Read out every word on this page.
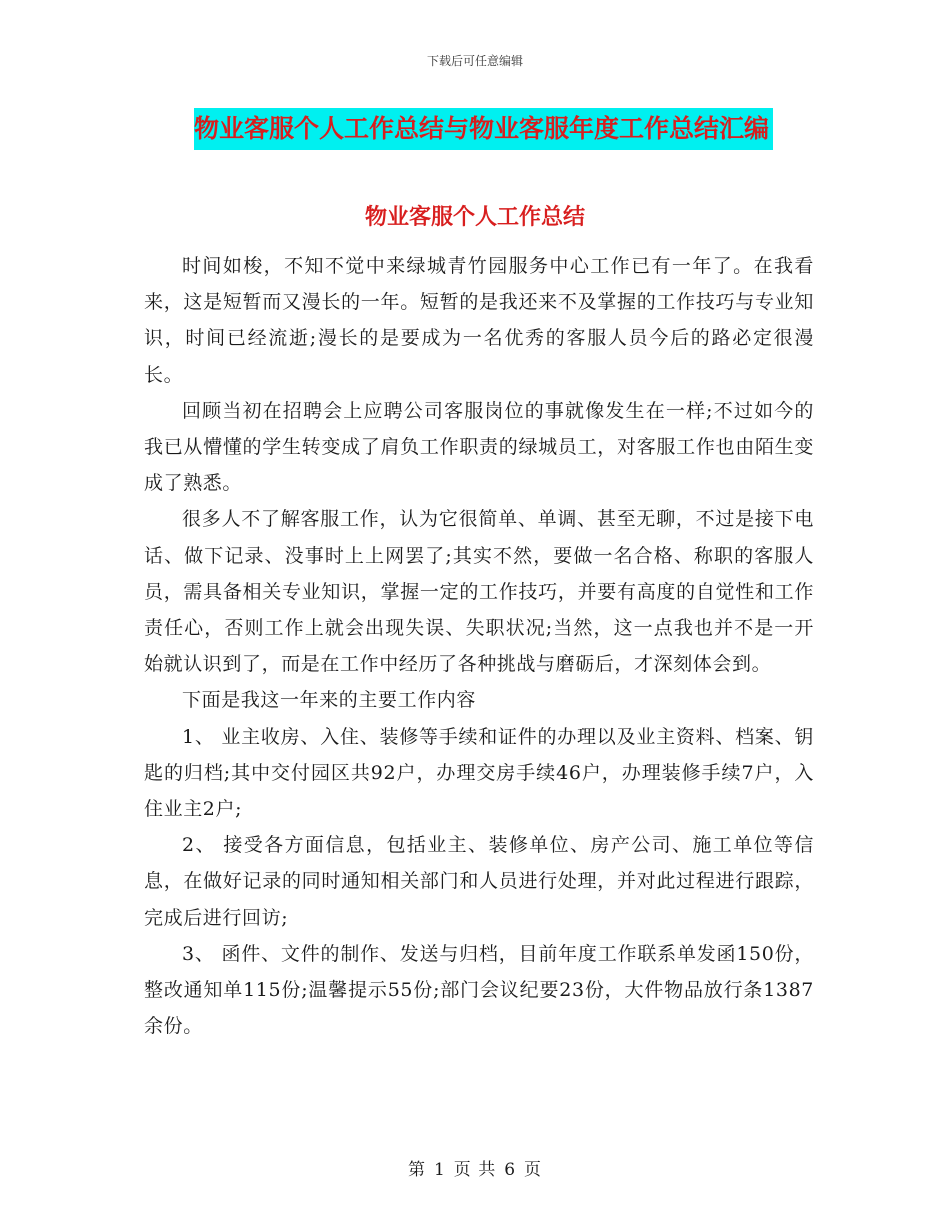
下载后可任意编辑
物业客服个人工作总结与物业客服年度工作总结汇编
物业客服个人工作总结

时间如梭，不知不觉中来绿城青竹园服务中心工作已有一年了。在我看来，这是短暂而又漫长的一年。短暂的是我还来不及掌握的工作技巧与专业知识，时间已经流逝;漫长的是要成为一名优秀的客服人员今后的路必定很漫长。

回顾当初在招聘会上应聘公司客服岗位的事就像发生在一样;不过如今的我已从懵懂的学生转变成了肩负工作职责的绿城员工，对客服工作也由陌生变成了熟悉。

很多人不了解客服工作，认为它很简单、单调、甚至无聊，不过是接下电话、做下记录、没事时上上网罢了;其实不然，要做一名合格、称职的客服人员，需具备相关专业知识，掌握一定的工作技巧，并要有高度的自觉性和工作责任心，否则工作上就会出现失误、失职状况;当然，这一点我也并不是一开始就认识到了，而是在工作中经历了各种挑战与磨砺后，才深刻体会到。

下面是我这一年来的主要工作内容

1、 业主收房、入住、装修等手续和证件的办理以及业主资料、档案、钥匙的归档;其中交付园区共92户，办理交房手续46户，办理装修手续7户，入住业主2户;

2、 接受各方面信息，包括业主、装修单位、房产公司、施工单位等信息，在做好记录的同时通知相关部门和人员进行处理，并对此过程进行跟踪，完成后进行回访;

3、 函件、文件的制作、发送与归档，目前年度工作联系单发函150份，整改通知单115份;温馨提示55份;部门会议纪要23份，大件物品放行条1387余份。

第 1 页 共 6 页
